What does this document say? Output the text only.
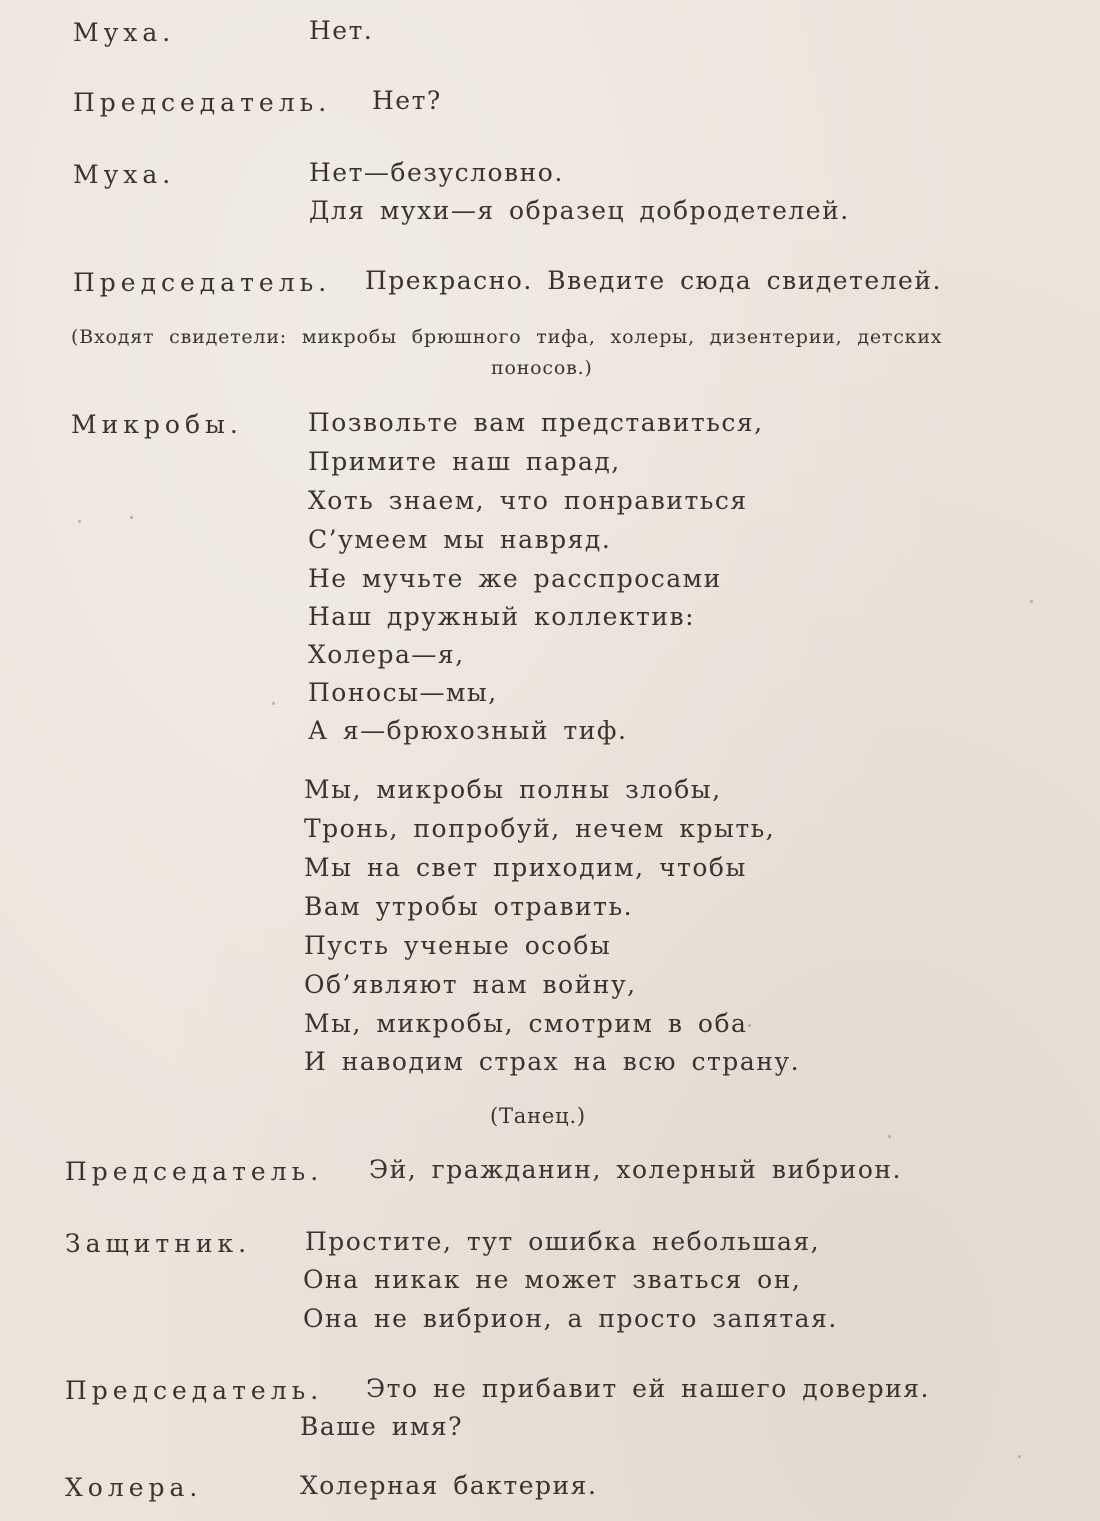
Муха.	Нет.
Председатель. Нет?
Муха.	Нет—безусловно.
Для мухи—я образец добродетелей.
Председатель. Прекрасно. Введите сюда свидетелей.
(Входят свидетели: микробы брюшного тифа, холеры, дизентерии, детских
поносов.)
Микробы.	Позвольте вам представиться,
Примите наш парад,
Хоть знаем, что понравиться
С’умеем мы навряд.
Не мучьте же расспросами
Наш дружный коллектив:
Холера—я,
Поносы—мы,
А я—брюхозный тиф.
Мы, микробы полны злобы,
Тронь, попробуй, нечем крыть,
Мы на свет приходим, чтобы
Вам утробы отравить.
Пусть ученые особы
Об’являют нам войну,
Мы, микробы, смотрим в оба
И наводим страх на всю страну.
(Танец.)
Председатель. Эй, гражданин, холерный вибрион.
Защитник. Простите, тут ошибка небольшая,
Она никак не может зваться он,
Она не вибрион, а просто запятая.
Председатель. Это не прибавит ей нашего доверия.
Ваше имя?
Холера.	Холерная бактерия.
